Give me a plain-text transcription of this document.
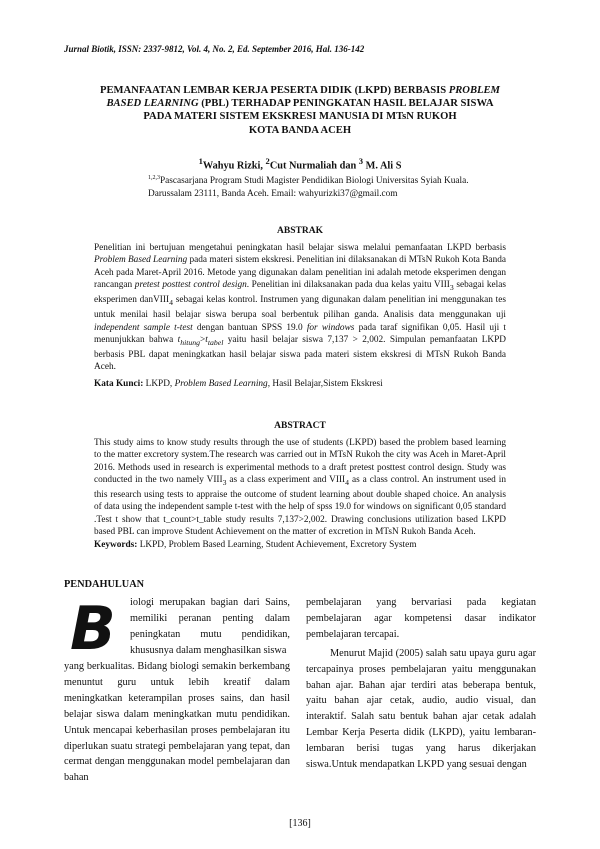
Jurnal Biotik, ISSN: 2337-9812, Vol. 4, No. 2, Ed. September 2016, Hal. 136-142
PEMANFAATAN LEMBAR KERJA PESERTA DIDIK (LKPD) BERBASIS PROBLEM
BASED LEARNING (PBL) TERHADAP PENINGKATAN HASIL BELAJAR SISWA
PADA MATERI SISTEM EKSKRESI MANUSIA DI MTsN RUKOH
KOTA BANDA ACEH
$^1$Wahyu Rizki, $^2$Cut Nurmaliah dan $^3$ M. Ali S
$^{1,2,3}$Pascasarjana Program Studi Magister Pendidikan Biologi Universitas Syiah Kuala.
Darussalam 23111, Banda Aceh. Email: wahyurizki37@gmail.com
ABSTRAK

Penelitian ini bertujuan mengetahui peningkatan hasil belajar siswa melalui pemanfaatan LKPD berbasis Problem Based Learning pada materi sistem ekskresi. Penelitian ini dilaksanakan di MTsN Rukoh Kota Banda Aceh pada Maret-April 2016. Metode yang digunakan dalam penelitian ini adalah metode eksperimen dengan rancangan pretest posttest control design. Penelitian ini dilaksanakan pada dua kelas yaitu $VIII_3$ sebagai kelas eksperimen danVIII$_4$ sebagai kelas kontrol. Instrumen yang digunakan dalam penelitian ini menggunakan tes untuk menilai hasil belajar siswa berupa soal berbentuk pilihan ganda. Analisis data menggunakan uji independent sample t-test dengan bantuan SPSS 19.0 for windows pada taraf signifikan 0,05. Hasil uji t menunjukkan bahwa $t_{hitung}>t_{tabel}$ yaitu hasil belajar siswa 7,137 > 2,002. Simpulan pemanfaatan LKPD berbasis PBL dapat meningkatkan hasil belajar siswa pada materi sistem ekskresi di MTsN Rukoh Banda Aceh.

Kata Kunci: LKPD, Problem Based Learning, Hasil Belajar,Sistem Ekskresi
ABSTRACT

This study aims to know study results through the use of students (LKPD) based the problem based learning to the matter excretory system.The research was carried out in MTsN Rukoh the city was Aceh in Maret-April 2016. Methods used in research is experimental methods to a draft pretest posttest control design. Study was conducted in the two namely $VIII_3$ as a class experiment and $VIII_4$ as a class control. An instrument used in this research using tests to appraise the outcome of student learning about double shaped choice. An analysis of data using the independent sample t-test with the help of spss 19.0 for windows on significant 0,05 standard .Test t show that t_count>t_table study results 7,137>2,002. Drawing conclusions utilization based LKPD based PBL can improve Student Achievement on the matter of excretion in MTsN Rukoh Banda Aceh.

Keywords: LKPD, Problem Based Learning, Student Achievement, Excretory System
PENDAHULUAN
B iologi merupakan bagian dari Sains, memiliki peranan penting dalam peningkatan mutu pendidikan, khususnya dalam menghasilkan siswa

yang berkualitas. Bidang biologi semakin berkembang menuntut guru untuk lebih kreatif dalam meningkatkan keterampilan proses sains, dan hasil belajar siswa dalam meningkatkan mutu pendidikan. Untuk mencapai keberhasilan proses pembelajaran itu diperlukan suatu strategi pembelajaran yang tepat, dan cermat dengan menggunakan model pembelajaran dan bahan

pembelajaran yang bervariasi pada kegiatan pembelajaran agar kompetensi dasar indikator pembelajaran tercapai.

Menurut Majid (2005) salah satu upaya guru agar tercapainya proses pembelajaran yaitu menggunakan bahan ajar. Bahan ajar terdiri atas beberapa bentuk, yaitu bahan ajar cetak, audio, audio visual, dan interaktif. Salah satu bentuk bahan ajar cetak adalah Lembar Kerja Peserta didik (LKPD), yaitu lembaran-lembaran berisi tugas yang harus dikerjakan siswa.Untuk mendapatkan LKPD yang sesuai dengan

[136]
